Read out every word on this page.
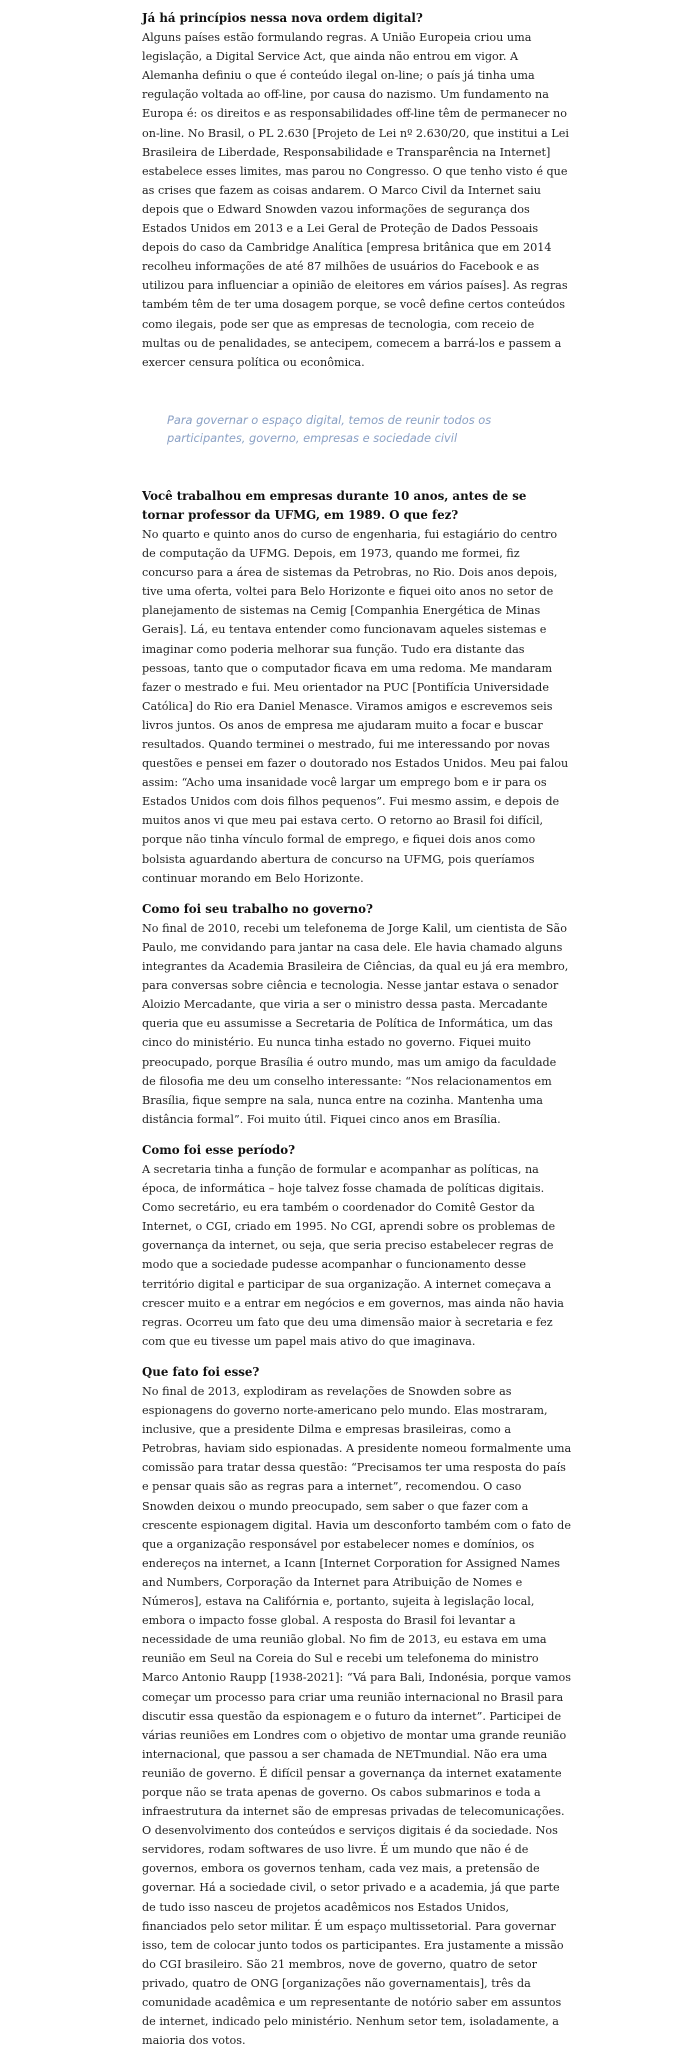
Já há princípios nessa nova ordem digital?

Alguns países estão formulando regras. A União Europeia criou uma legislação, a Digital Service Act, que ainda não entrou em vigor. A Alemanha definiu o que é conteúdo ilegal on-line; o país já tinha uma regulação voltada ao off-line, por causa do nazismo. Um fundamento na Europa é: os direitos e as responsabilidades off-line têm de permanecer no on-line. No Brasil, o PL 2.630 [Projeto de Lei nº 2.630/20, que institui a Lei Brasileira de Liberdade, Responsabilidade e Transparência na Internet] estabelece esses limites, mas parou no Congresso. O que tenho visto é que as crises que fazem as coisas andarem. O Marco Civil da Internet saiu depois que o Edward Snowden vazou informações de segurança dos Estados Unidos em 2013 e a Lei Geral de Proteção de Dados Pessoais depois do caso da Cambridge Analítica [empresa britânica que em 2014 recolheu informações de até 87 milhões de usuários do Facebook e as utilizou para influenciar a opinião de eleitores em vários países]. As regras também têm de ter uma dosagem porque, se você define certos conteúdos como ilegais, pode ser que as empresas de tecnologia, com receio de multas ou de penalidades, se antecipem, comecem a barrá-los e passem a exercer censura política ou econômica.

Para governar o espaço digital, temos de reunir todos os participantes, governo, empresas e sociedade civil

Você trabalhou em empresas durante 10 anos, antes de se tornar professor da UFMG, em 1989. O que fez?

No quarto e quinto anos do curso de engenharia, fui estagiário do centro de computação da UFMG. Depois, em 1973, quando me formei, fiz concurso para a área de sistemas da Petrobras, no Rio. Dois anos depois, tive uma oferta, voltei para Belo Horizonte e fiquei oito anos no setor de planejamento de sistemas na Cemig [Companhia Energética de Minas Gerais]. Lá, eu tentava entender como funcionavam aqueles sistemas e imaginar como poderia melhorar sua função. Tudo era distante das pessoas, tanto que o computador ficava em uma redoma. Me mandaram fazer o mestrado e fui. Meu orientador na PUC [Pontifícia Universidade Católica] do Rio era Daniel Menasce. Viramos amigos e escrevemos seis livros juntos. Os anos de empresa me ajudaram muito a focar e buscar resultados. Quando terminei o mestrado, fui me interessando por novas questões e pensei em fazer o doutorado nos Estados Unidos. Meu pai falou assim: “Acho uma insanidade você largar um emprego bom e ir para os Estados Unidos com dois filhos pequenos”. Fui mesmo assim, e depois de muitos anos vi que meu pai estava certo. O retorno ao Brasil foi difícil, porque não tinha vínculo formal de emprego, e fiquei dois anos como bolsista aguardando abertura de concurso na UFMG, pois queríamos continuar morando em Belo Horizonte.

Como foi seu trabalho no governo?

No final de 2010, recebi um telefonema de Jorge Kalil, um cientista de São Paulo, me convidando para jantar na casa dele. Ele havia chamado alguns integrantes da Academia Brasileira de Ciências, da qual eu já era membro, para conversas sobre ciência e tecnologia. Nesse jantar estava o senador Aloizio Mercadante, que viria a ser o ministro dessa pasta. Mercadante queria que eu assumisse a Secretaria de Política de Informática, um das cinco do ministério. Eu nunca tinha estado no governo. Fiquei muito preocupado, porque Brasília é outro mundo, mas um amigo da faculdade de filosofia me deu um conselho interessante: “Nos relacionamentos em Brasília, fique sempre na sala, nunca entre na cozinha. Mantenha uma distância formal”. Foi muito útil. Fiquei cinco anos em Brasília.

Como foi esse período?

A secretaria tinha a função de formular e acompanhar as políticas, na época, de informática – hoje talvez fosse chamada de políticas digitais. Como secretário, eu era também o coordenador do Comitê Gestor da Internet, o CGI, criado em 1995. No CGI, aprendi sobre os problemas de governança da internet, ou seja, que seria preciso estabelecer regras de modo que a sociedade pudesse acompanhar o funcionamento desse território digital e participar de sua organização. A internet começava a crescer muito e a entrar em negócios e em governos, mas ainda não havia regras. Ocorreu um fato que deu uma dimensão maior à secretaria e fez com que eu tivesse um papel mais ativo do que imaginava.

Que fato foi esse?

No final de 2013, explodiram as revelações de Snowden sobre as espionagens do governo norte-americano pelo mundo. Elas mostraram, inclusive, que a presidente Dilma e empresas brasileiras, como a Petrobras, haviam sido espionadas. A presidente nomeou formalmente uma comissão para tratar dessa questão: “Precisamos ter uma resposta do país e pensar quais são as regras para a internet”, recomendou. O caso Snowden deixou o mundo preocupado, sem saber o que fazer com a crescente espionagem digital. Havia um desconforto também com o fato de que a organização responsável por estabelecer nomes e domínios, os endereços na internet, a Icann [Internet Corporation for Assigned Names and Numbers, Corporação da Internet para Atribuição de Nomes e Números], estava na Califórnia e, portanto, sujeita à legislação local, embora o impacto fosse global. A resposta do Brasil foi levantar a necessidade de uma reunião global. No fim de 2013, eu estava em uma reunião em Seul na Coreia do Sul e recebi um telefonema do ministro Marco Antonio Raupp [1938-2021]: “Vá para Bali, Indonésia, porque vamos começar um processo para criar uma reunião internacional no Brasil para discutir essa questão da espionagem e o futuro da internet”. Participei de várias reuniões em Londres com o objetivo de montar uma grande reunião internacional, que passou a ser chamada de NETmundial. Não era uma reunião de governo. É difícil pensar a governança da internet exatamente porque não se trata apenas de governo. Os cabos submarinos e toda a infraestrutura da internet são de empresas privadas de telecomunicações. O desenvolvimento dos conteúdos e serviços digitais é da sociedade. Nos servidores, rodam softwares de uso livre. É um mundo que não é de governos, embora os governos tenham, cada vez mais, a pretensão de governar. Há a sociedade civil, o setor privado e a academia, já que parte de tudo isso nasceu de projetos acadêmicos nos Estados Unidos, financiados pelo setor militar. É um espaço multissetorial. Para governar isso, tem de colocar junto todos os participantes. Era justamente a missão do CGI brasileiro. São 21 membros, nove de governo, quatro de setor privado, quatro de ONG [organizações não governamentais], três da comunidade acadêmica e um representante de notório saber em assuntos de internet, indicado pelo ministério. Nenhum setor tem, isoladamente, a maioria dos votos.
